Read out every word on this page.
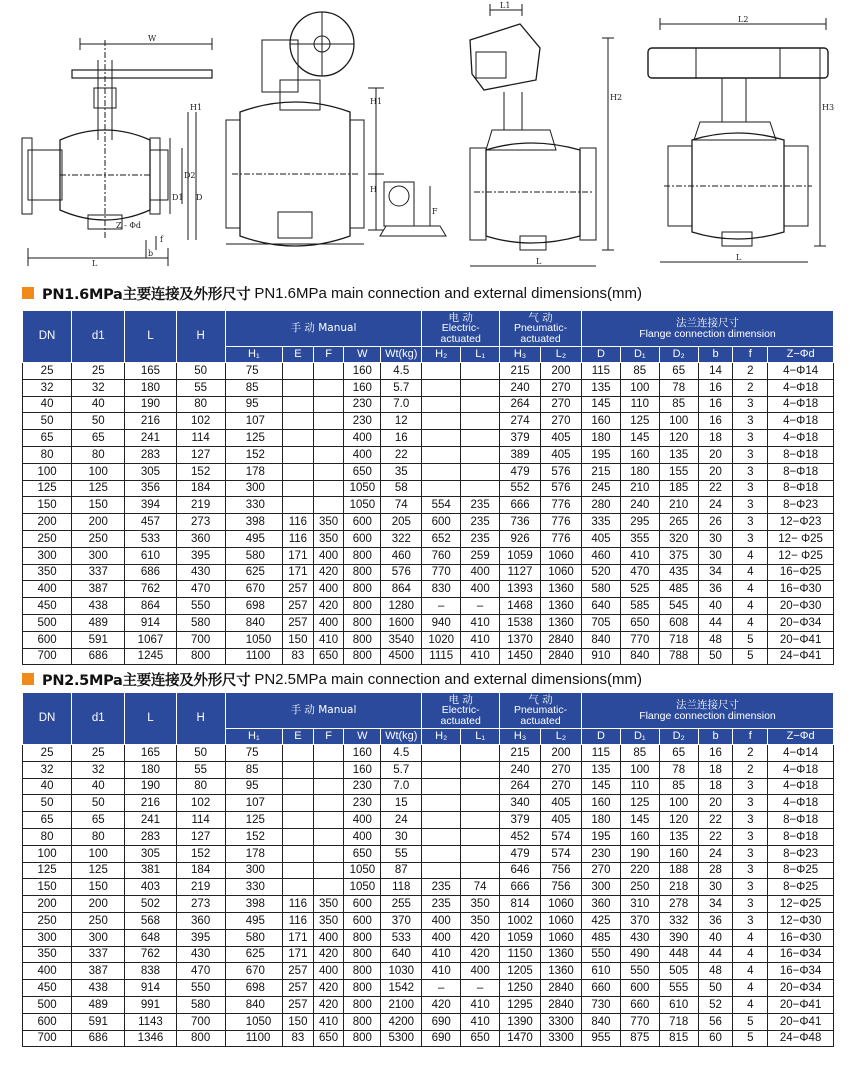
L
W
H1
D2
D1 D
Z - Φd
b
f
H1
H
F
L1
H2
L
L2
H3
L
PN1.6MPa主要连接及外形尺寸 PN1.6MPa main connection and external dimensions(mm)
DN	d1	L	H	手 动 Manual					电 动
Electric-actuated		气 动
Pneumatic-actuated		法兰连接尺寸
Flange connection dimension					

				H₁	E	F	W	Wt(kg)	H₂	L₁	H₃	L₂	D	D₁	D₂	b	f	Z−Φd
25	25	165	50	75			160	4.5			215	200	115	85	65	14	2	4−Φ14
32	32	180	55	85			160	5.7			240	270	135	100	78	16	2	4−Φ18
40	40	190	80	95			230	7.0			264	270	145	110	85	16	3	4−Φ18
50	50	216	102	107			230	12			274	270	160	125	100	16	3	4−Φ18
65	65	241	114	125			400	16			379	405	180	145	120	18	3	4−Φ18
80	80	283	127	152			400	22			389	405	195	160	135	20	3	8−Φ18
100	100	305	152	178			650	35			479	576	215	180	155	20	3	8−Φ18
125	125	356	184	300			1050	58			552	576	245	210	185	22	3	8−Φ18
150	150	394	219	330			1050	74	554	235	666	776	280	240	210	24	3	8−Φ23
200	200	457	273	398	116	350	600	205	600	235	736	776	335	295	265	26	3	12−Φ23
250	250	533	360	495	116	350	600	322	652	235	926	776	405	355	320	30	3	12− Φ25
300	300	610	395	580	171	400	800	460	760	259	1059	1060	460	410	375	30	4	12− Φ25
350	337	686	430	625	171	420	800	576	770	400	1127	1060	520	470	435	34	4	16−Φ25
400	387	762	470	670	257	400	800	864	830	400	1393	1360	580	525	485	36	4	16−Φ30
450	438	864	550	698	257	420	800	1280	–	–	1468	1360	640	585	545	40	4	20−Φ30
500	489	914	580	840	257	400	800	1600	940	410	1538	1360	705	650	608	44	4	20−Φ34
600	591	1067	700	1050	150	410	800	3540	1020	410	1370	2840	840	770	718	48	5	20−Φ41
700	686	1245	800	1100	83	650	800	4500	1115	410	1450	2840	910	840	788	50	5	24−Φ41
PN2.5MPa主要连接及外形尺寸 PN2.5MPa main connection and external dimensions(mm)
DN	d1	L	H	手 动 Manual					电 动
Electric-actuated		气 动
Pneumatic-actuated		法兰连接尺寸
Flange connection dimension					

				H₁	E	F	W	Wt(kg)	H₂	L₁	H₃	L₂	D	D₁	D₂	b	f	Z−Φd
25	25	165	50	75			160	4.5			215	200	115	85	65	16	2	4−Φ14
32	32	180	55	85			160	5.7			240	270	135	100	78	18	2	4−Φ18
40	40	190	80	95			230	7.0			264	270	145	110	85	18	3	4−Φ18
50	50	216	102	107			230	15			340	405	160	125	100	20	3	4−Φ18
65	65	241	114	125			400	24			379	405	180	145	120	22	3	8−Φ18
80	80	283	127	152			400	30			452	574	195	160	135	22	3	8−Φ18
100	100	305	152	178			650	55			479	574	230	190	160	24	3	8−Φ23
125	125	381	184	300			1050	87			646	756	270	220	188	28	3	8−Φ25
150	150	403	219	330			1050	118	235	74	666	756	300	250	218	30	3	8−Φ25
200	200	502	273	398	116	350	600	255	235	350	814	1060	360	310	278	34	3	12−Φ25
250	250	568	360	495	116	350	600	370	400	350	1002	1060	425	370	332	36	3	12−Φ30
300	300	648	395	580	171	400	800	533	400	420	1059	1060	485	430	390	40	4	16−Φ30
350	337	762	430	625	171	420	800	640	410	420	1150	1360	550	490	448	44	4	16−Φ34
400	387	838	470	670	257	400	800	1030	410	400	1205	1360	610	550	505	48	4	16−Φ34
450	438	914	550	698	257	420	800	1542	–	–	1250	2840	660	600	555	50	4	20−Φ34
500	489	991	580	840	257	420	800	2100	420	410	1295	2840	730	660	610	52	4	20−Φ41
600	591	1143	700	1050	150	410	800	4200	690	410	1390	3300	840	770	718	56	5	20−Φ41
700	686	1346	800	1100	83	650	800	5300	690	650	1470	3300	955	875	815	60	5	24−Φ48
